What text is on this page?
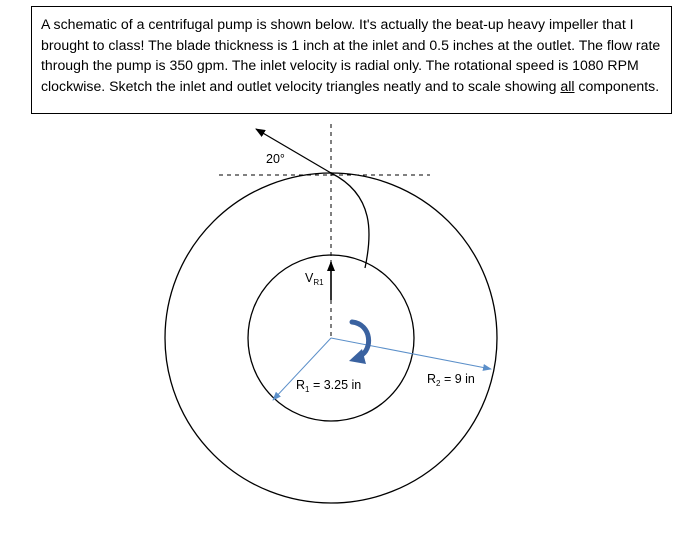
A schematic of a centrifugal pump is shown below. It's actually the beat-up heavy impeller that I brought to class! The blade thickness is 1 inch at the inlet and 0.5 inches at the outlet. The flow rate through the pump is 350 gpm. The inlet velocity is radial only. The rotational speed is 1080 RPM clockwise. Sketch the inlet and outlet velocity triangles neatly and to scale showing all components.
20°
$V_{R1}$
$R_1 = 3.25$ in	$R_2 = 9$ in
